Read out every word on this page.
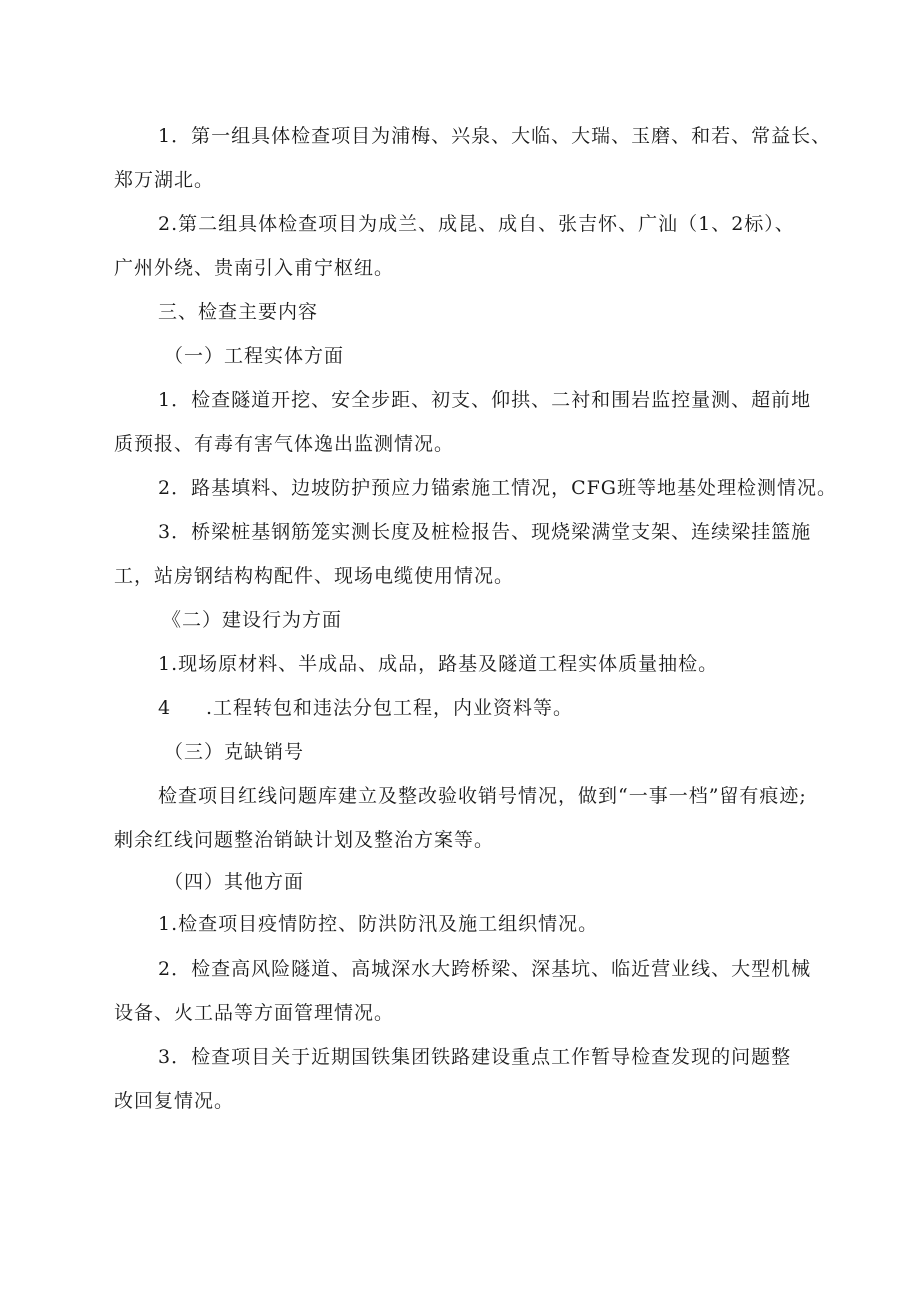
1．第一组具体检查项目为浦梅、兴泉、大临、大瑞、玉磨、和若、常益长、
郑万湖北。
2.第二组具体检查项目为成兰、成昆、成自、张吉怀、广汕（1、2标）、
广州外绕、贵南引入甫宁枢纽。
三、检查主要内容
（一）工程实体方面
1．检查隧道开挖、安全步距、初支、仰拱、二衬和围岩监控量测、超前地
质预报、有毒有害气体逸出监测情况。
2．路基填料、边坡防护预应力锚索施工情况，CFG班等地基处理检测情况。
3．桥梁桩基钢筋笼实测长度及桩检报告、现烧梁满堂支架、连续梁挂篮施
工，站房钢结构构配件、现场电缆使用情况。
《二）建设行为方面
1.现场原材料、半成品、成品，路基及隧道工程实体质量抽检。
4 .工程转包和违法分包工程，内业资料等。
（三）克缺销号
检查项目红线问题库建立及整改验收销号情况，做到“一事一档”留有痕迹;
剌余红线问题整治销缺计划及整治方案等。
（四）其他方面
1.检查项目疫情防控、防洪防汛及施工组织情况。
2．检查高风险隧道、高城深水大跨桥梁、深基坑、临近营业线、大型机械
设备、火工品等方面管理情况。
3．检查项目关于近期国铁集团铁路建设重点工作暂导检查发现的问题整
改回复情况。
